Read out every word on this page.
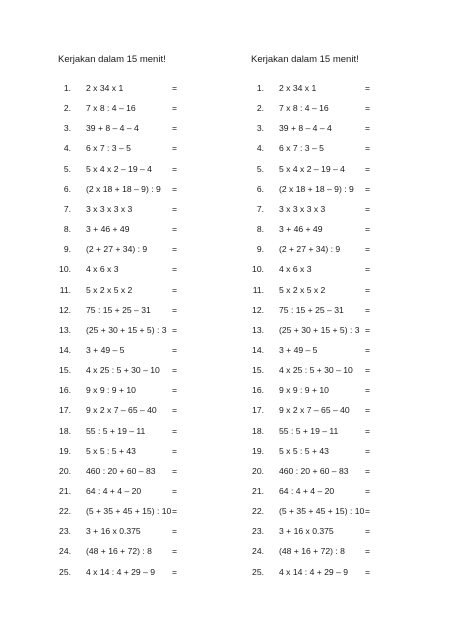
Kerjakan dalam 15 menit!
1. 2 x 34 x 1	=
2. 7 x 8 : 4 – 16	=
3. 39 + 8 – 4 – 4	=
4. 6 x 7 : 3 – 5	=
5. 5 x 4 x 2 – 19 – 4 =
6. (2 x 18 + 18 – 9) : 9 =
7. 3 x 3 x 3 x 3	=
8. 3 + 46 + 49	=
9. (2 + 27 + 34) : 9	=
10. 4 x 6 x 3	=
11. 5 x 2 x 5 x 2	=
12. 75 : 15 + 25 – 31 =
13. (25 + 30 + 15 + 5) : 3 =
14. 3 + 49 – 5	=
15. 4 x 25 : 5 + 30 – 10 =
16. 9 x 9 : 9 + 10	=
17. 9 x 2 x 7 – 65 – 40 =
18. 55 : 5 + 19 – 11	=
19. 5 x 5 : 5 + 43	=
20. 460 : 20 + 60 – 83 =
21. 64 : 4 + 4 – 20	=
22. (5 + 35 + 45 + 15) : 10 =
23. 3 + 16 x 0.375	=
24. (48 + 16 + 72) : 8 =
25. 4 x 14 : 4 + 29 – 9 =
Kerjakan dalam 15 menit!
1. 2 x 34 x 1	=
2. 7 x 8 : 4 – 16	=
3. 39 + 8 – 4 – 4	=
4. 6 x 7 : 3 – 5	=
5. 5 x 4 x 2 – 19 – 4 =
6. (2 x 18 + 18 – 9) : 9 =
7. 3 x 3 x 3 x 3	=
8. 3 + 46 + 49	=
9. (2 + 27 + 34) : 9	=
10. 4 x 6 x 3	=
11. 5 x 2 x 5 x 2	=
12. 75 : 15 + 25 – 31 =
13. (25 + 30 + 15 + 5) : 3 =
14. 3 + 49 – 5	=
15. 4 x 25 : 5 + 30 – 10 =
16. 9 x 9 : 9 + 10	=
17. 9 x 2 x 7 – 65 – 40 =
18. 55 : 5 + 19 – 11	=
19. 5 x 5 : 5 + 43	=
20. 460 : 20 + 60 – 83 =
21. 64 : 4 + 4 – 20	=
22. (5 + 35 + 45 + 15) : 10 =
23. 3 + 16 x 0.375	=
24. (48 + 16 + 72) : 8 =
25. 4 x 14 : 4 + 29 – 9 =
